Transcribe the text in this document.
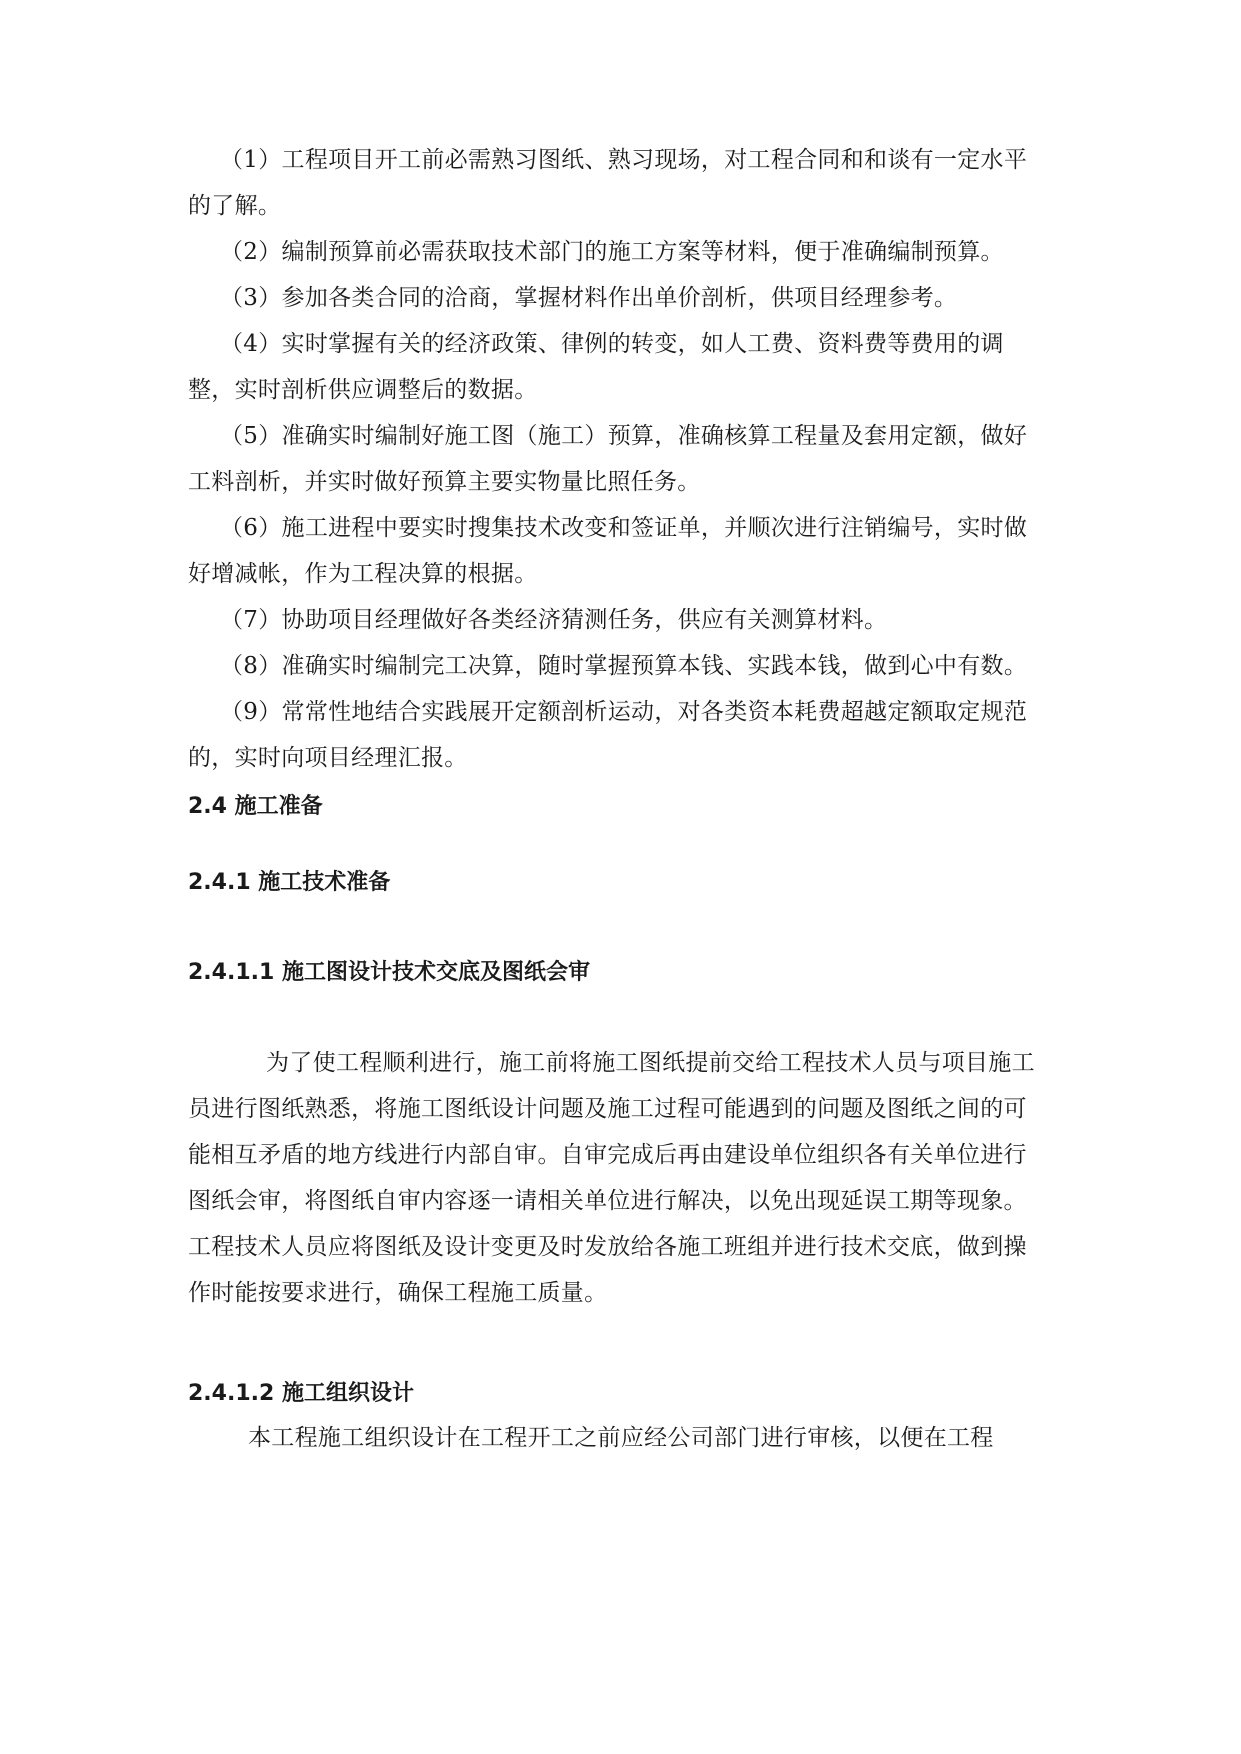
（1）工程项目开工前必需熟习图纸、熟习现场，对工程合同和和谈有一定水平的了解。

（2）编制预算前必需获取技术部门的施工方案等材料，便于准确编制预算。

（3）参加各类合同的洽商，掌握材料作出单价剖析，供项目经理参考。

（4）实时掌握有关的经济政策、律例的转变，如人工费、资料费等费用的调整，实时剖析供应调整后的数据。

（5）准确实时编制好施工图（施工）预算，准确核算工程量及套用定额，做好工料剖析，并实时做好预算主要实物量比照任务。

（6）施工进程中要实时搜集技术改变和签证单，并顺次进行注销编号，实时做好增减帐，作为工程决算的根据。

（7）协助项目经理做好各类经济猜测任务，供应有关测算材料。

（8）准确实时编制完工决算，随时掌握预算本钱、实践本钱，做到心中有数。

（9）常常性地结合实践展开定额剖析运动，对各类资本耗费超越定额取定规范的，实时向项目经理汇报。

2.4 施工准备
2.4.1 施工技术准备
2.4.1.1 施工图设计技术交底及图纸会审

为了使工程顺利进行，施工前将施工图纸提前交给工程技术人员与项目施工员进行图纸熟悉，将施工图纸设计问题及施工过程可能遇到的问题及图纸之间的可能相互矛盾的地方线进行内部自审。自审完成后再由建设单位组织各有关单位进行图纸会审，将图纸自审内容逐一请相关单位进行解决，以免出现延误工期等现象。工程技术人员应将图纸及设计变更及时发放给各施工班组并进行技术交底，做到操作时能按要求进行，确保工程施工质量。

2.4.1.2 施工组织设计

本工程施工组织设计在工程开工之前应经公司部门进行审核，以便在工程
